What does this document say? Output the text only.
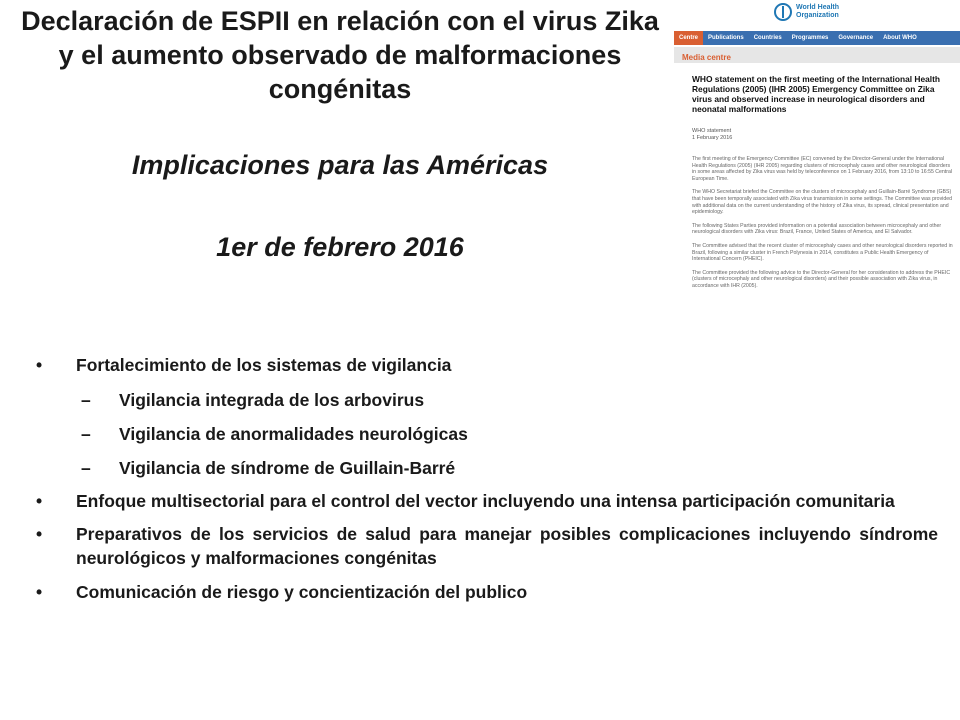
Declaración de ESPII en relación con el virus Zika y el aumento observado de malformaciones congénitas

Implicaciones para las Américas

1er de febrero 2016

World Health
Organization
Centre	Publications	Countries	Programmes	Governance	About WHO
Media centre
WHO statement on the first meeting of the International Health Regulations (2005) (IHR 2005) Emergency Committee on Zika virus and observed increase in neurological disorders and neonatal malformations
WHO statement
1 February 2016

The first meeting of the Emergency Committee (EC) convened by the Director-General under the International Health Regulations (2005) (IHR 2005) regarding clusters of microcephaly cases and other neurological disorders in some areas affected by Zika virus was held by teleconference on 1 February 2016, from 13:10 to 16:55 Central European Time.

The WHO Secretariat briefed the Committee on the clusters of microcephaly and Guillain-Barré Syndrome (GBS) that have been temporally associated with Zika virus transmission in some settings. The Committee was provided with additional data on the current understanding of the history of Zika virus, its spread, clinical presentation and epidemiology.

The following States Parties provided information on a potential association between microcephaly and other neurological disorders with Zika virus: Brazil, France, United States of America, and El Salvador.

The Committee advised that the recent cluster of microcephaly cases and other neurological disorders reported in Brazil, following a similar cluster in French Polynesia in 2014, constitutes a Public Health Emergency of International Concern (PHEIC).

The Committee provided the following advice to the Director-General for her consideration to address the PHEIC (clusters of microcephaly and other neurological disorders) and their possible association with Zika virus, in accordance with IHR (2005).

• Fortalecimiento de los sistemas de vigilancia
– Vigilancia integrada de los arbovirus
– Vigilancia de anormalidades neurológicas
– Vigilancia de síndrome de Guillain-Barré
• Enfoque multisectorial para el control del vector incluyendo una intensa participación comunitaria
• Preparativos de los servicios de salud para manejar posibles complicaciones incluyendo síndrome neurológicos y malformaciones congénitas
• Comunicación de riesgo y concientización del publico
